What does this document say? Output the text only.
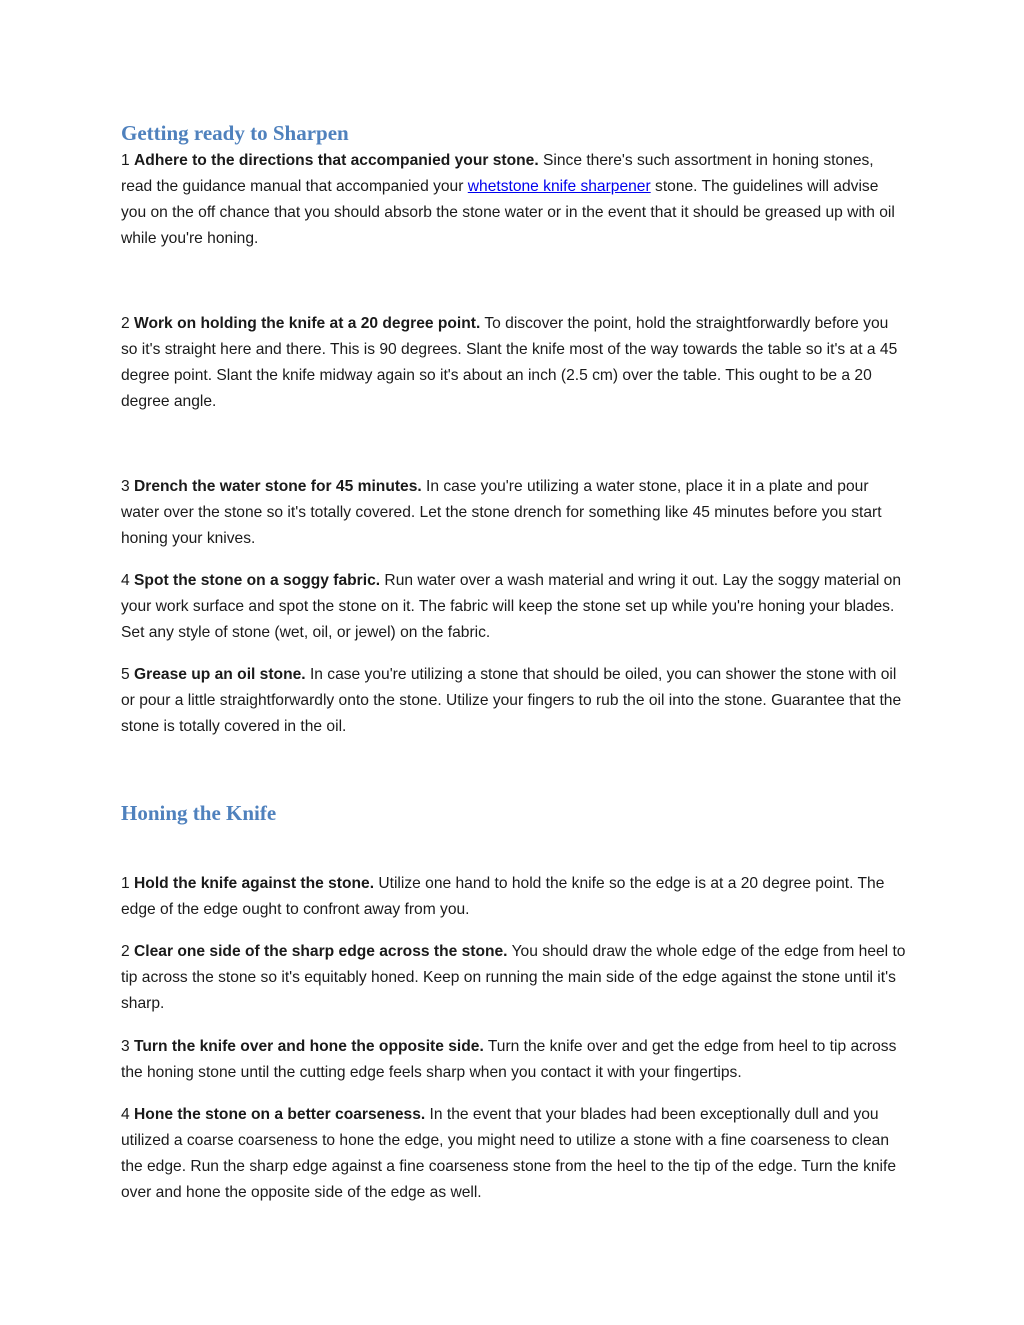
Getting ready to Sharpen

1 Adhere to the directions that accompanied your stone. Since there's such assortment in honing stones, read the guidance manual that accompanied your whetstone knife sharpener stone. The guidelines will advise you on the off chance that you should absorb the stone water or in the event that it should be greased up with oil while you're honing.

2 Work on holding the knife at a 20 degree point. To discover the point, hold the straightforwardly before you so it's straight here and there. This is 90 degrees. Slant the knife most of the way towards the table so it's at a 45 degree point. Slant the knife midway again so it's about an inch (2.5 cm) over the table. This ought to be a 20 degree angle.

3 Drench the water stone for 45 minutes. In case you're utilizing a water stone, place it in a plate and pour water over the stone so it's totally covered. Let the stone drench for something like 45 minutes before you start honing your knives.

4 Spot the stone on a soggy fabric. Run water over a wash material and wring it out. Lay the soggy material on your work surface and spot the stone on it. The fabric will keep the stone set up while you're honing your blades. Set any style of stone (wet, oil, or jewel) on the fabric.

5 Grease up an oil stone. In case you're utilizing a stone that should be oiled, you can shower the stone with oil or pour a little straightforwardly onto the stone. Utilize your fingers to rub the oil into the stone. Guarantee that the stone is totally covered in the oil.

Honing the Knife

1 Hold the knife against the stone. Utilize one hand to hold the knife so the edge is at a 20 degree point. The edge of the edge ought to confront away from you.

2 Clear one side of the sharp edge across the stone. You should draw the whole edge of the edge from heel to tip across the stone so it's equitably honed. Keep on running the main side of the edge against the stone until it's sharp.

3 Turn the knife over and hone the opposite side. Turn the knife over and get the edge from heel to tip across the honing stone until the cutting edge feels sharp when you contact it with your fingertips.

4 Hone the stone on a better coarseness. In the event that your blades had been exceptionally dull and you utilized a coarse coarseness to hone the edge, you might need to utilize a stone with a fine coarseness to clean the edge. Run the sharp edge against a fine coarseness stone from the heel to the tip of the edge. Turn the knife over and hone the opposite side of the edge as well.
